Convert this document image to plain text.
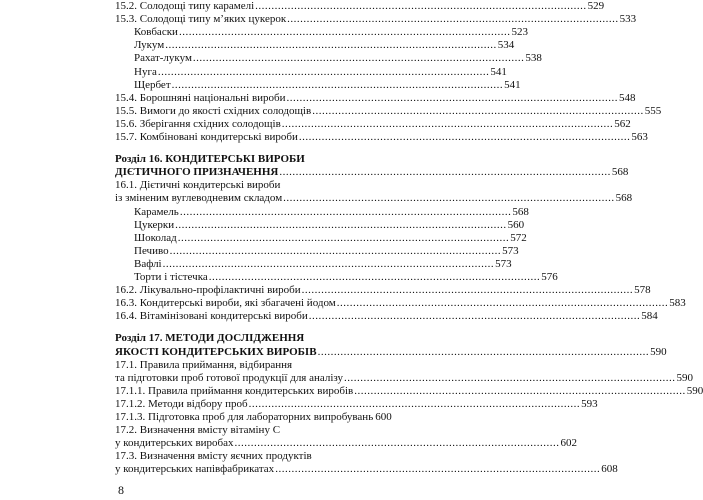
15.2. Солодощі типу карамелі ...................................................................................................... 529
15.3. Солодощі типу м’яких цукерок ...................................................................................................... 533
Ковбаски ...................................................................................................... 523
Лукум ...................................................................................................... 534
Рахат-лукум ...................................................................................................... 538
Нуга ...................................................................................................... 541
Щербет ...................................................................................................... 541
15.4. Борошняні національні вироби ...................................................................................................... 548
15.5. Вимоги до якості східних солодощів ...................................................................................................... 555
15.6. Зберігання східних солодощів ...................................................................................................... 562
15.7. Комбіновані кондитерські вироби ...................................................................................................... 563
Розділ 16. КОНДИТЕРСЬКІ ВИРОБИ
ДІЄТИЧНОГО ПРИЗНАЧЕННЯ ...................................................................................................... 568
16.1. Дієтичні кондитерські вироби
із зміненим вуглеводневим складом ...................................................................................................... 568
Карамель ...................................................................................................... 568
Цукерки ...................................................................................................... 560
Шоколад ...................................................................................................... 572
Печиво ...................................................................................................... 573
Вафлі ...................................................................................................... 573
Торти і тістечка ...................................................................................................... 576
16.2. Лікувально-профілактичні вироби ...................................................................................................... 578
16.3. Кондитерські вироби, які збагачені йодом ...................................................................................................... 583
16.4. Вітамінізовані кондитерські вироби ...................................................................................................... 584
Розділ 17. МЕТОДИ ДОСЛІДЖЕННЯ
ЯКОСТІ КОНДИТЕРСЬКИХ ВИРОБІВ ...................................................................................................... 590
17.1. Правила приймання, відбирання
та підготовки проб готової продукції для аналізу ...................................................................................................... 590
17.1.1. Правила приймання кондитерських виробів ...................................................................................................... 590
17.1.2. Методи відбору проб ...................................................................................................... 593
17.1.3. Підготовка проб для лабораторних випробувань 600
17.2. Визначення вмісту вітаміну С
у кондитерських виробах .................................................................................................... 602
17.3. Визначення вмісту яєчних продуктів
у кондитерських напівфабрикатах .................................................................................................... 608
8
